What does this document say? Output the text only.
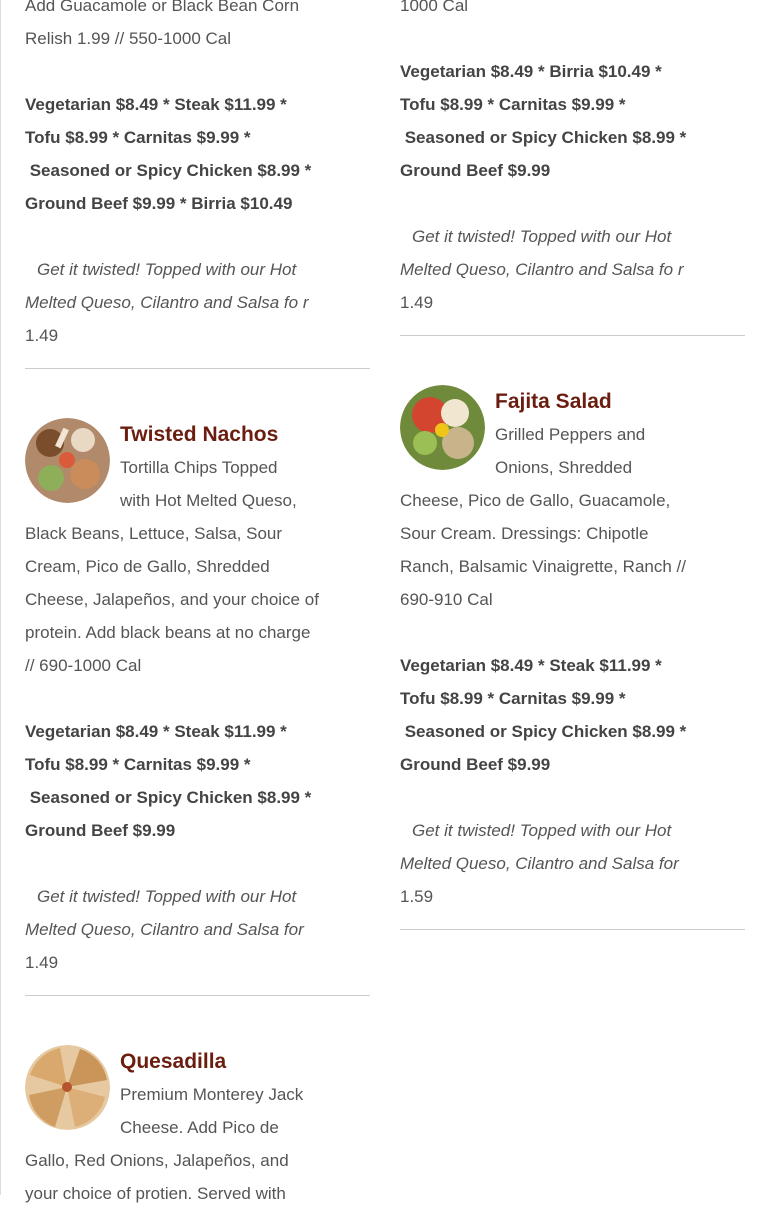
Add Guacamole or Black Bean Corn

Relish 1.99 // 550-1000 Cal

Vegetarian $8.49 * Steak $11.99 *

Tofu $8.99 * Carnitas $9.99 *

Seasoned or Spicy Chicken $8.99 *

Ground Beef $9.99 * Birria $10.49

Get it twisted! Topped with our Hot

Melted Queso, Cilantro and Salsa fo r

1.49

Twisted Nachos

Tortilla Chips Topped

with Hot Melted Queso,

Black Beans, Lettuce, Salsa, Sour

Cream, Pico de Gallo, Shredded

Cheese, Jalapeños, and your choice of

protein. Add black beans at no charge

// 690-1000 Cal

Vegetarian $8.49 * Steak $11.99 *

Tofu $8.99 * Carnitas $9.99 *

Seasoned or Spicy Chicken $8.99 *

Ground Beef $9.99

Get it twisted! Topped with our Hot

Melted Queso, Cilantro and Salsa for

1.49

Quesadilla

Premium Monterey Jack

Cheese. Add Pico de

Gallo, Red Onions, Jalapeños, and

your choice of protien. Served with

1000 Cal

Vegetarian $8.49 * Birria $10.49 *

Tofu $8.99 * Carnitas $9.99 *

Seasoned or Spicy Chicken $8.99 *

Ground Beef $9.99

Get it twisted! Topped with our Hot

Melted Queso, Cilantro and Salsa fo r

1.49

Fajita Salad

Grilled Peppers and

Onions, Shredded

Cheese, Pico de Gallo, Guacamole,

Sour Cream. Dressings: Chipotle

Ranch, Balsamic Vinaigrette, Ranch //

690-910 Cal

Vegetarian $8.49 * Steak $11.99 *

Tofu $8.99 * Carnitas $9.99 *

Seasoned or Spicy Chicken $8.99 *

Ground Beef $9.99

Get it twisted! Topped with our Hot

Melted Queso, Cilantro and Salsa for

1.59
